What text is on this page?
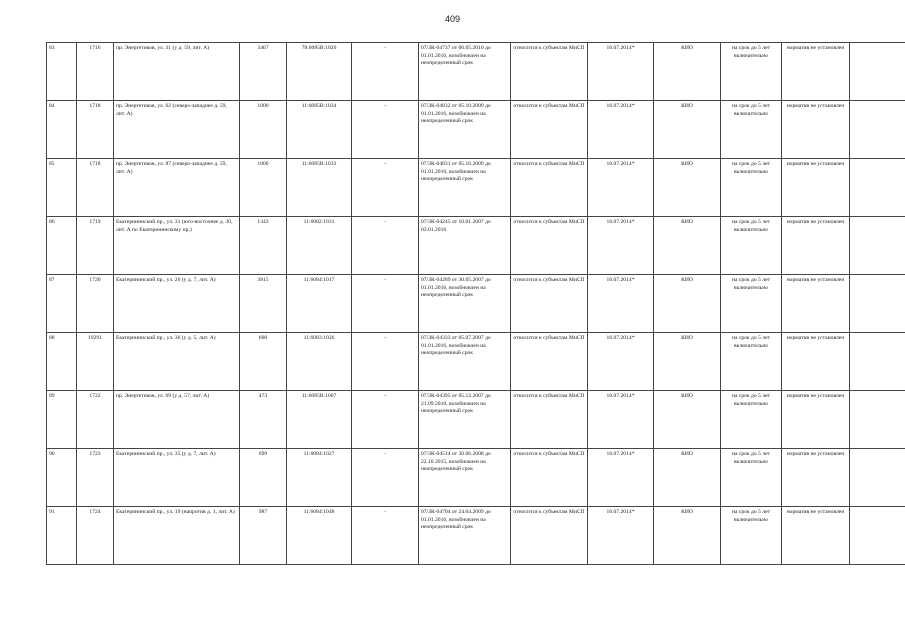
409
83	1716	пр. Энергетиков, ул. 31 (у д. 59, лит. А)	3467	78:6085В:1026	-	07/ЗК-04737 от 06.05.2010 до 01.01.2016, возобновлен на неопределенный срок	относится к субъектам МиСП	16.07.2014*	КИО	на срок до 5 лет включительно	норматив не установлен	
84	1718	пр. Энергетиков, ул. 62 (северо-западнее д. 59, лит. А)	1000	11:6085В:1034	-	07/ЗК-04832 от 05.10.2009 до 01.01.2016, возобновлен на неопределенный срок	относится к субъектам МиСП	16.07.2014*	КИО	на срок до 5 лет включительно	норматив не установлен	
85	1718	пр. Энергетиков, ул. 87 (северо-западнее д. 59, лит. А)	1000	11:6085В:1033	-	07/ЗК-04831 от 05.10.2009 до 01.01.2016, возобновлен на неопределенный срок	относится к субъектам МиСП	16.07.2014*	КИО	на срок до 5 лет включительно	норматив не установлен	
86	1719	Екатерининский пр., ул. 31 (юго-восточнее д. 30, лит. А по Екатерининскому пр.)	1343	11:6082:1031	-	07/ЗК-04245 от 10.01.2007 до 03.01.2016	относится к субъектам МиСП	16.07.2014*	КИО	на срок до 5 лет включительно	норматив не установлен	
87	1720	Екатерининский пр., ул. 26 (у д. 7, лит. А)	3815	11:6084:1017	-	07/ЗК-04289 от 30.05.2007 до 01.01.2016, возобновлен на неопределенный срок	относится к субъектам МиСП	16.07.2014*	КИО	на срок до 5 лет включительно	норматив не установлен	
88	19291	Екатерининский пр., ул. 36 (у д. 5, лит. А)	600	11:6083:1026	-	07/ЗК-04333 от 05.07.2007 до 01.01.2016, возобновлен на неопределенный срок	относится к субъектам МиСП	16.07.2014*	КИО	на срок до 5 лет включительно	норматив не установлен	
89	1722	пр. Энергетиков, ул. 69 (у д. 57, лит. А)	473	11:6085В:1007	-	07/ЗК-04395 от 05.12.2007 до 21.09.2010, возобновлен на неопределенный срок	относится к субъектам МиСП	16.07.2014*	КИО	на срок до 5 лет включительно	норматив не установлен	
90	1723	Екатерининский пр., ул. 35 (у д. 7, лит. А)	699	11:6084:1027	-	07/ЗК-04514 от 30.06.2008 до 22.10.2015, возобновлен на неопределенный срок	относится к субъектам МиСП	16.07.2014*	КИО	на срок до 5 лет включительно	норматив не установлен	
91	1724	Екатерининский пр., ул. 19 (напротив д. 1, лит. А)	987	11:6084:1048	-	07/ЗК-04704 от 24.04.2009 до 01.01.2016, возобновлен на неопределенный срок	относится к субъектам МиСП	16.07.2014*	КИО	на срок до 5 лет включительно	норматив не установлен	
